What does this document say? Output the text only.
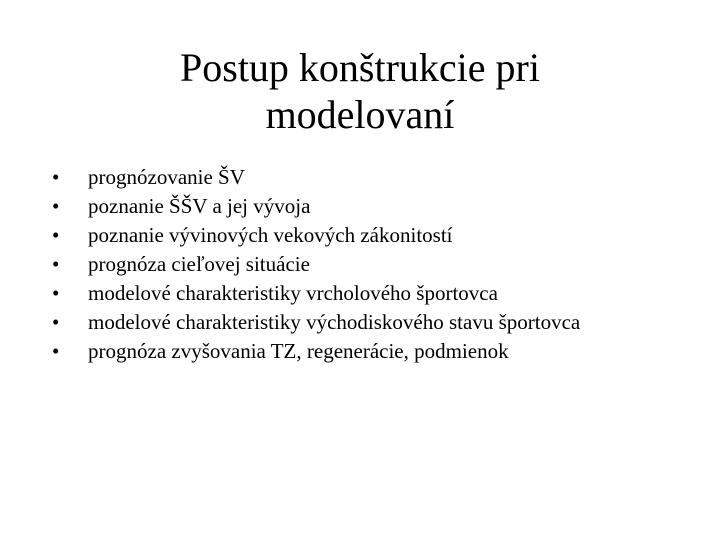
Postup konštrukcie pri
modelovaní
•	prognózovanie ŠV
•	poznanie ŠŠV a jej vývoja
•	poznanie vývinových vekových zákonitostí
•	prognóza cieľovej situácie
•	modelové charakteristiky vrcholového športovca
•	modelové charakteristiky východiskového stavu športovca
•	prognóza zvyšovania TZ, regenerácie, podmienok
